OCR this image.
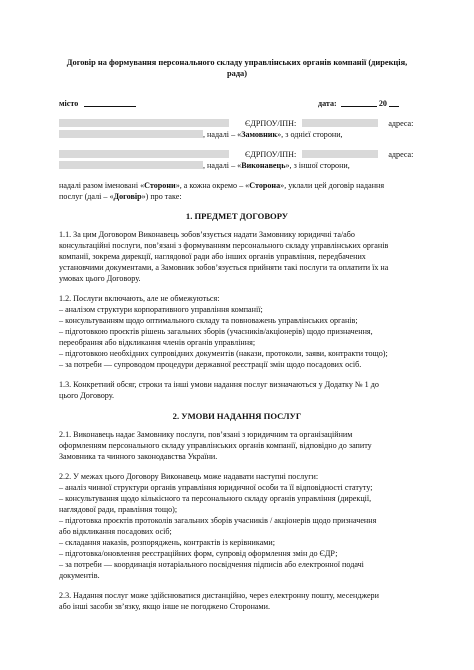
Договір на формування персонального складу управлінських органів компанії (дирекція,
рада)
місто	дата:	20
ЄДРПОУ/ІПН:	адреса:
, надалі – «Замовник», з однієї сторони,
ЄДРПОУ/ІПН:	адреса:
, надалі – «Виконавець», з іншої сторони,
надалі разом іменовані «Сторони», а кожна окремо – «Сторона», уклали цей договір надання
послуг (далі – «Договір») про таке:
1. ПРЕДМЕТ ДОГОВОРУ
1.1. За цим Договором Виконавець зобов’язується надати Замовнику юридичні та/або
консультаційні послуги, пов’язані з формуванням персонального складу управлінських органів
компанії, зокрема дирекції, наглядової ради або інших органів управління, передбачених
установчими документами, а Замовник зобов’язується прийняти такі послуги та оплатити їх на
умовах цього Договору.
1.2. Послуги включають, але не обмежуються:
– аналізом структури корпоративного управління компанії;
– консультуванням щодо оптимального складу та повноважень управлінських органів;
– підготовкою проєктів рішень загальних зборів (учасників/акціонерів) щодо призначення,
переобрання або відкликання членів органів управління;
– підготовкою необхідних супровідних документів (накази, протоколи, заяви, контракти тощо);
– за потреби — супроводом процедури державної реєстрації змін щодо посадових осіб.
1.3. Конкретний обсяг, строки та інші умови надання послуг визначаються у Додатку № 1 до
цього Договору.
2. УМОВИ НАДАННЯ ПОСЛУГ
2.1. Виконавець надає Замовнику послуги, пов’язані з юридичним та організаційним
оформленням персонального складу управлінських органів компанії, відповідно до запиту
Замовника та чинного законодавства України.
2.2. У межах цього Договору Виконавець може надавати наступні послуги:
– аналіз чинної структури органів управління юридичної особи та її відповідності статуту;
– консультування щодо кількісного та персонального складу органів управління (дирекції,
наглядової ради, правління тощо);
– підготовка проєктів протоколів загальних зборів учасників / акціонерів щодо призначення
або відкликання посадових осіб;
– складання наказів, розпоряджень, контрактів із керівниками;
– підготовка/оновлення реєстраційних форм, супровід оформлення змін до ЄДР;
– за потреби — координація нотаріального посвідчення підписів або електронної подачі
документів.
2.3. Надання послуг може здійснюватися дистанційно, через електронну пошту, месенджери
або інші засоби зв’язку, якщо інше не погоджено Сторонами.
